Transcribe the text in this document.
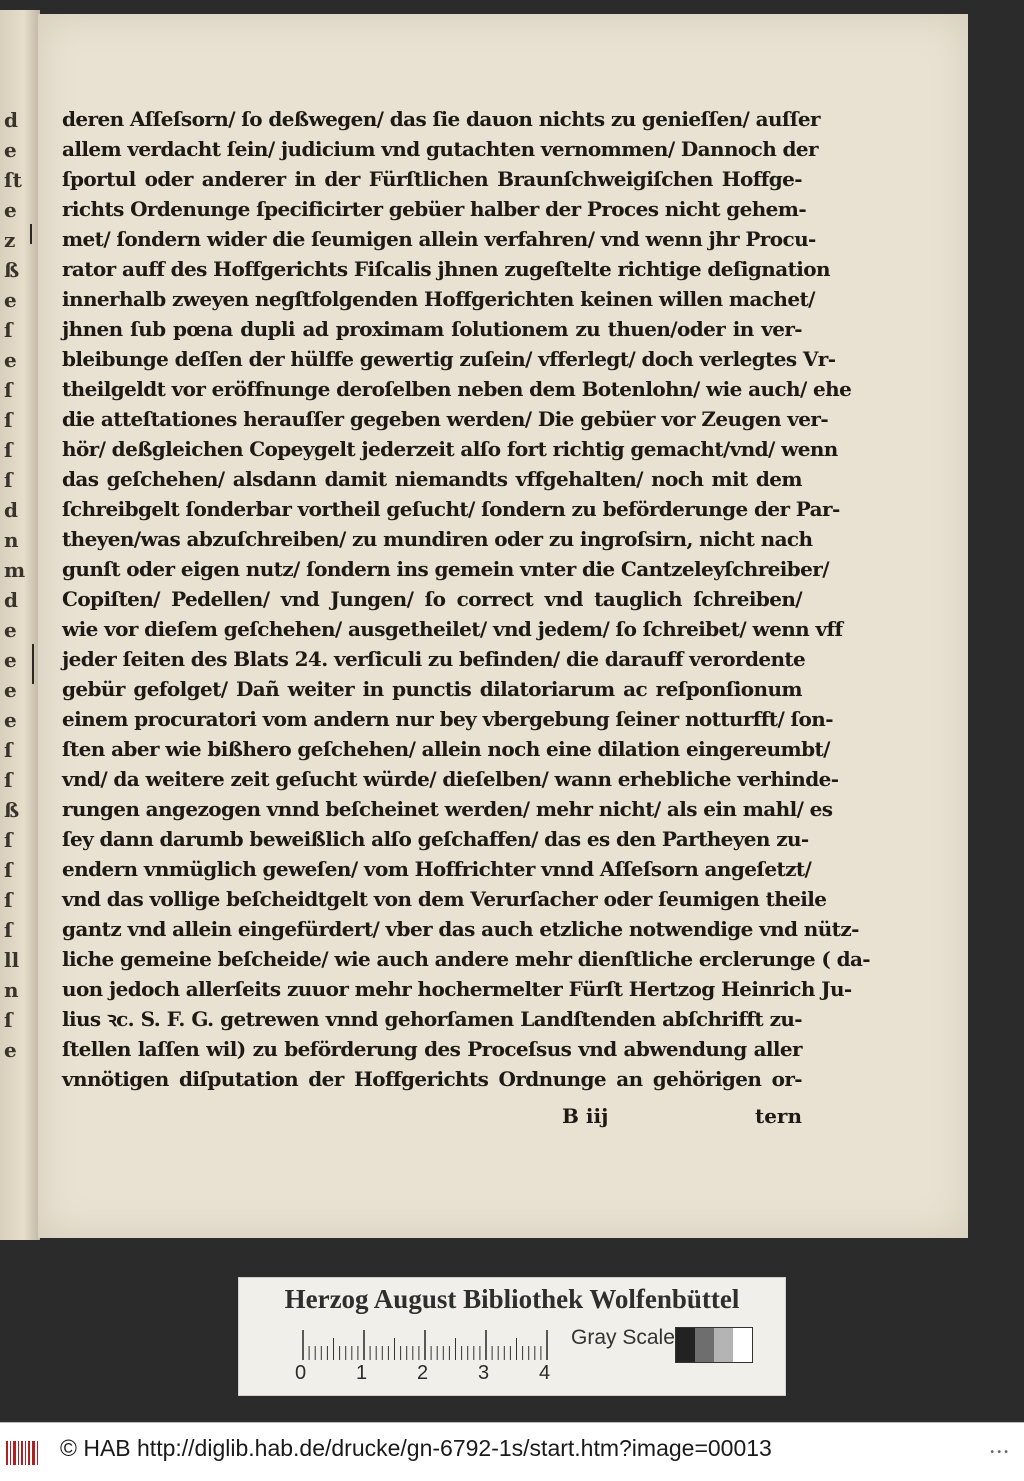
d
e
ſt
e
z
ß
e
ſ
e
ſ
ſ
ſ
ſ
d
n
m
d
e
e
e
e
ſ
ſ
ß
ſ
ſ
ſ
ſ
ll
n
ſ
e
deren Aſſeſsorn/ ſo deßwegen/ das ſie dauon nichts zu genieſſen/ auſſer
allem verdacht ſein/ judicium vnd gutachten vernommen/ Dannoch der
ſportul oder anderer in der Fürſtlichen Braunſchweigiſchen Hoffge-
richts Ordenunge ſpecificirter gebüer halber der Proces nicht gehem-
met/ ſondern wider die ſeumigen allein verfahren/ vnd wenn jhr Procu-
rator auff des Hoffgerichts Fiſcalis jhnen zugeſtelte richtige deſignation
innerhalb zweyen negſtfolgenden Hoffgerichten keinen willen machet/
jhnen ſub pœna dupli ad proximam ſolutionem zu thuen/oder in ver-
bleibunge deſſen der hülffe gewertig zuſein/ vfferlegt/ doch verlegtes Vr-
theilgeldt vor eröffnunge deroſelben neben dem Botenlohn/ wie auch/ ehe
die atteſtationes herauſſer gegeben werden/ Die gebüer vor Zeugen ver-
hör/ deßgleichen Copeygelt jederzeit alſo fort richtig gemacht/vnd/ wenn
das geſchehen/ alsdann damit niemandts vffgehalten/ noch mit dem
ſchreibgelt ſonderbar vortheil geſucht/ ſondern zu beförderunge der Par-
theyen/was abzuſchreiben/ zu mundiren oder zu ingroſsirn, nicht nach
gunſt oder eigen nutz/ ſondern ins gemein vnter die Cantzeleyſchreiber/
Copiſten/ Pedellen/ vnd Jungen/ ſo correct vnd tauglich ſchreiben/
wie vor dieſem geſchehen/ ausgetheilet/ vnd jedem/ ſo ſchreibet/ wenn vff
jeder ſeiten des Blats 24. verſiculi zu befinden/ die darauff verordente
gebür gefolget/ Dañ weiter in punctis dilatoriarum ac reſponſionum
einem procuratori vom andern nur bey vbergebung ſeiner notturfft/ ſon-
ſten aber wie bißhero geſchehen/ allein noch eine dilation eingereumbt/
vnd/ da weitere zeit geſucht würde/ dieſelben/ wann erhebliche verhinde-
rungen angezogen vnnd beſcheinet werden/ mehr nicht/ als ein mahl/ es
ſey dann darumb beweißlich alſo geſchaffen/ das es den Partheyen zu-
endern vnmüglich geweſen/ vom Hoffrichter vnnd Aſſeſsorn angeſetzt/
vnd das vollige beſcheidtgelt von dem Verurſacher oder ſeumigen theile
gantz vnd allein eingefürdert/ vber das auch etzliche notwendige vnd nütz-
liche gemeine beſcheide/ wie auch andere mehr dienſtliche erclerunge ( da-
uon jedoch allerſeits zuuor mehr hochermelter Fürſt Hertzog Heinrich Ju-
lius ꝛc. S. F. G. getrewen vnnd gehorſamen Landſtenden abſchrifft zu-
ſtellen laſſen wil) zu beförderung des Proceſsus vnd abwendung aller
vnnötigen diſputation der Hoffgerichts Ordnunge an gehörigen or-
B iij	tern
Herzog August Bibliothek Wolfenbüttel
0 1 2 3 4
Gray Scale
© HAB http://diglib.hab.de/drucke/gn-6792-1s/start.htm?image=00013	•••
